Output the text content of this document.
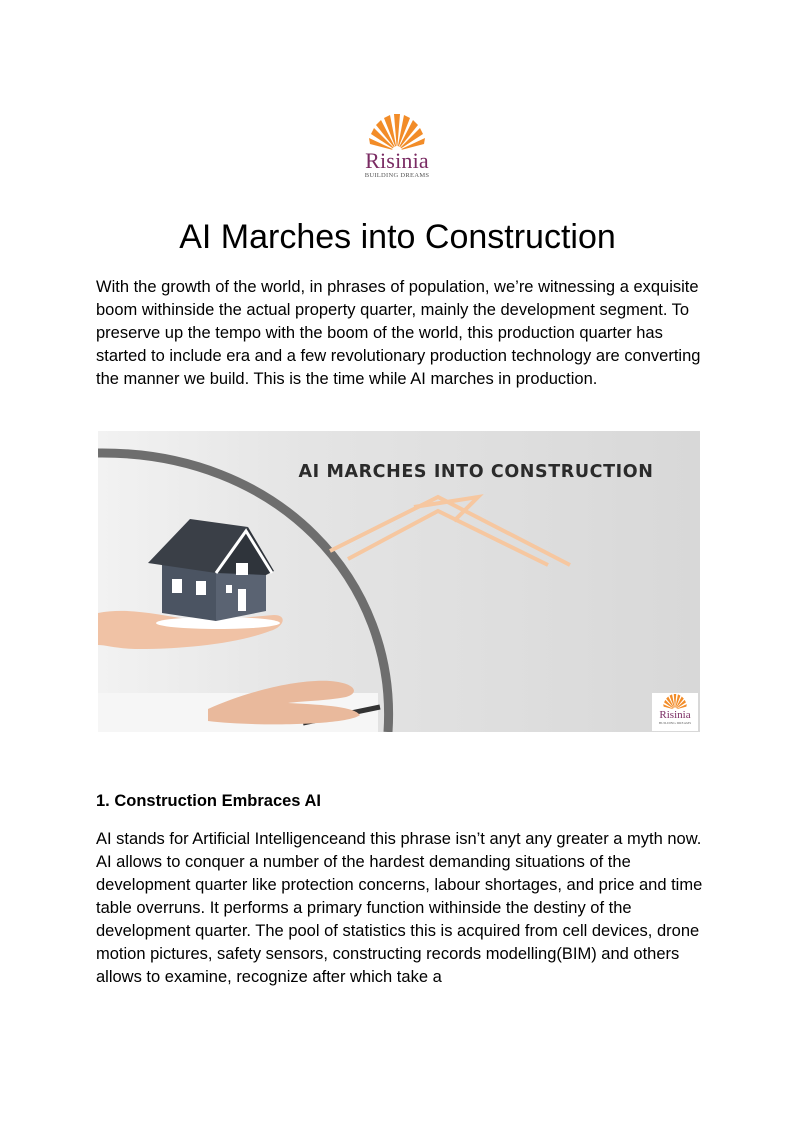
Risinia
BUILDING DREAMS
AI Marches into Construction

With the growth of the world, in phrases of population, we’re witnessing a exquisite boom withinside the actual property quarter, mainly the development segment. To preserve up the tempo with the boom of the world, this production quarter has started to include era and a few revolutionary production technology are converting the manner we build. This is the time while AI marches in production.

AI MARCHES INTO CONSTRUCTION
Risinia
BUILDING DREAMS
1. Construction Embraces AI

AI stands for Artificial Intelligenceand this phrase isn’t anyt any greater a myth now. AI allows to conquer a number of the hardest demanding situations of the development quarter like protection concerns, labour shortages, and price and time table overruns. It performs a primary function withinside the destiny of the development quarter. The pool of statistics this is acquired from cell devices, drone motion pictures, safety sensors, constructing records modelling(BIM) and others allows to examine, recognize after which take a
